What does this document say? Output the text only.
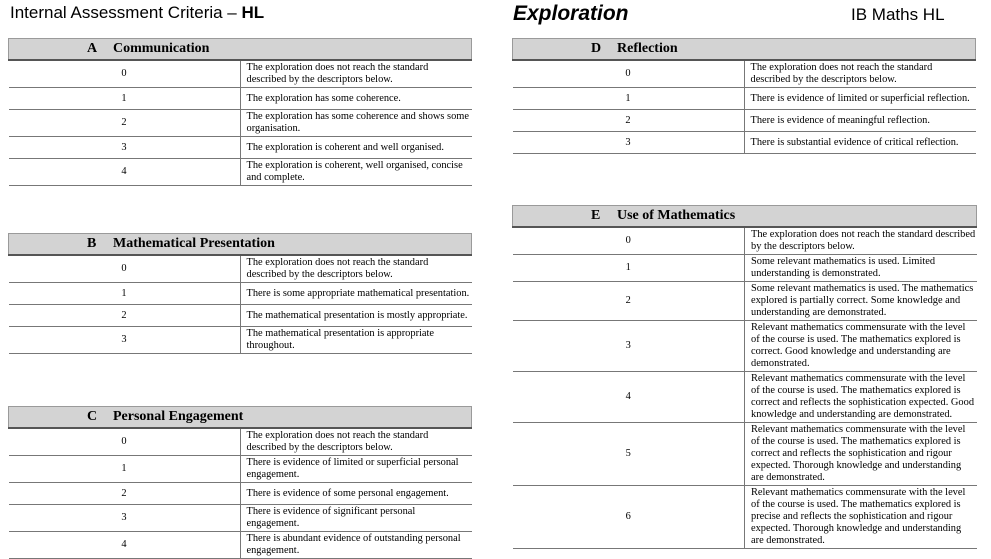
Internal Assessment Criteria – HL	Exploration	IB Maths HL
A Communication	
0	The exploration does not reach the standard described by the descriptors below.
1	The exploration has some coherence.
2	The exploration has some coherence and shows some organisation.
3	The exploration is coherent and well organised.
4	The exploration is coherent, well organised, concise and complete.
B Mathematical Presentation	
0	The exploration does not reach the standard described by the descriptors below.
1	There is some appropriate mathematical presentation.
2	The mathematical presentation is mostly appropriate.
3	The mathematical presentation is appropriate throughout.
C Personal Engagement	
0	The exploration does not reach the standard described by the descriptors below.
1	There is evidence of limited or superficial personal engagement.
2	There is evidence of some personal engagement.
3	There is evidence of significant personal engagement.
4	There is abundant evidence of outstanding personal engagement.
D Reflection	
0	The exploration does not reach the standard described by the descriptors below.
1	There is evidence of limited or superficial reflection.
2	There is evidence of meaningful reflection.
3	There is substantial evidence of critical reflection.
E Use of Mathematics	
0	The exploration does not reach the standard described by the descriptors below.
1	Some relevant mathematics is used. Limited understanding is demonstrated.
2	Some relevant mathematics is used. The mathematics explored is partially correct. Some knowledge and understanding are demonstrated.
3	Relevant mathematics commensurate with the level of the course is used. The mathematics explored is correct. Good knowledge and understanding are demonstrated.
4	Relevant mathematics commensurate with the level of the course is used. The mathematics explored is correct and reflects the sophistication expected. Good knowledge and understanding are demonstrated.
5	Relevant mathematics commensurate with the level of the course is used. The mathematics explored is correct and reflects the sophistication and rigour expected. Thorough knowledge and understanding are demonstrated.
6	Relevant mathematics commensurate with the level of the course is used. The mathematics explored is precise and reflects the sophistication and rigour expected. Thorough knowledge and understanding are demonstrated.
